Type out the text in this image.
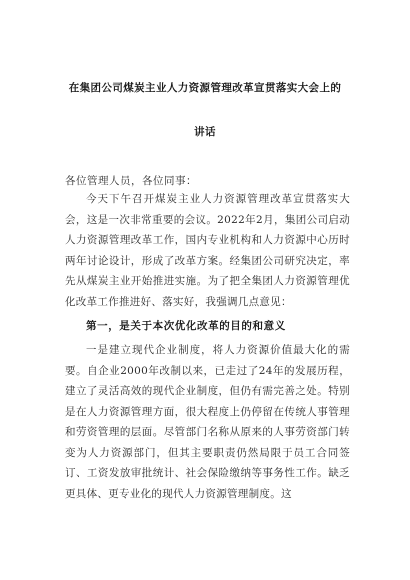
在集团公司煤炭主业人力资源管理改革宣贯落实大会上的

讲话

各位管理人员，各位同事：

今天下午召开煤炭主业人力资源管理改革宣贯落实大会，这是一次非常重要的会议。2022年2月，集团公司启动人力资源管理改革工作，国内专业机构和人力资源中心历时两年讨论设计，形成了改革方案。经集团公司研究决定，率先从煤炭主业开始推进实施。为了把全集团人力资源管理优化改革工作推进好、落实好，我强调几点意见：

第一，是关于本次优化改革的目的和意义

一是建立现代企业制度，将人力资源价值最大化的需要。自企业2000年改制以来，已走过了24年的发展历程，建立了灵活高效的现代企业制度，但仍有需完善之处。特别是在人力资源管理方面，很大程度上仍停留在传统人事管理和劳资管理的层面。尽管部门名称从原来的人事劳资部门转变为人力资源部门，但其主要职责仍然局限于员工合同签订、工资发放审批统计、社会保险缴纳等事务性工作。缺乏更具体、更专业化的现代人力资源管理制度。这
